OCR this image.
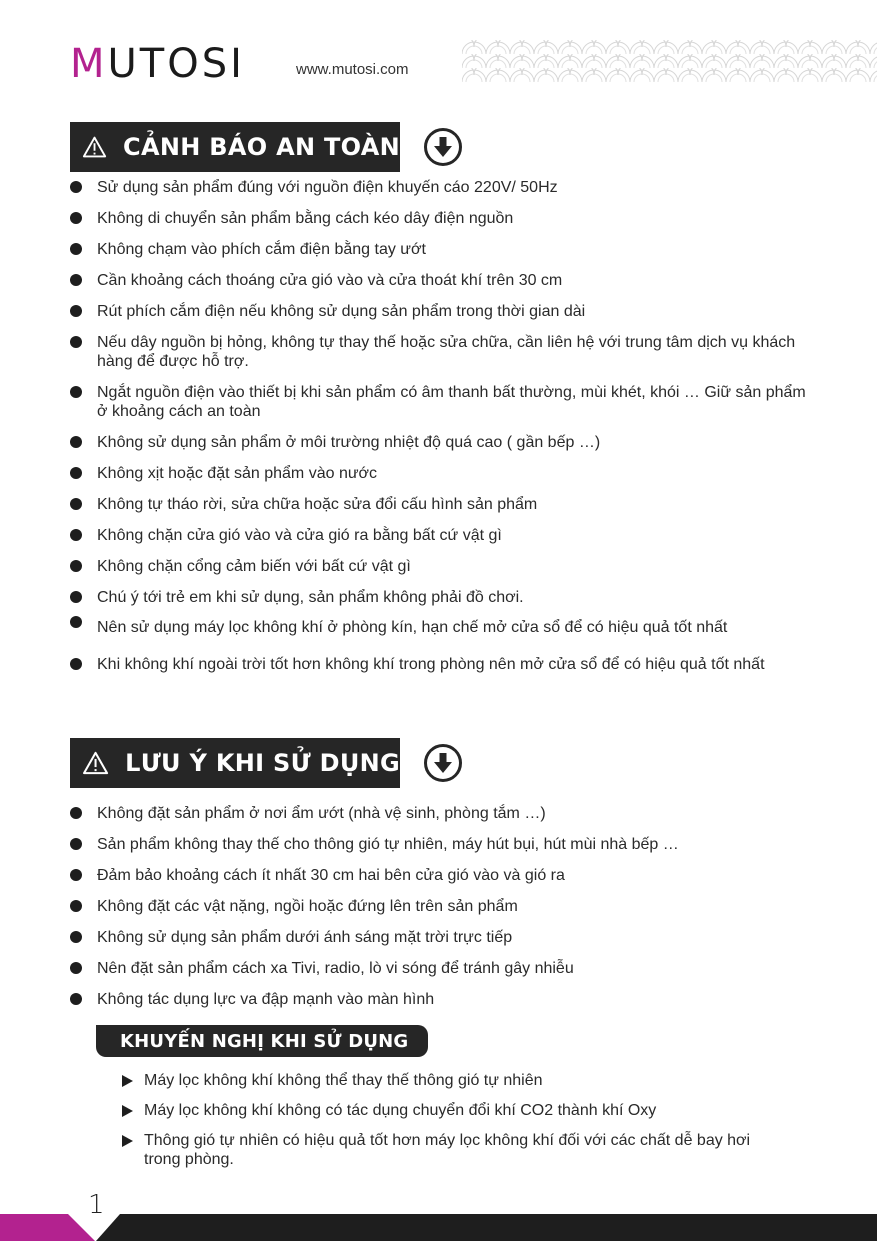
M UTOSI	www.mutosi.com
CẢNH BÁO AN TOÀN
Sử dụng sản phẩm đúng với nguồn điện khuyến cáo 220V/ 50Hz
Không di chuyển sản phẩm bằng cách kéo dây điện nguồn
Không chạm vào phích cắm điện bằng tay ướt
Cần khoảng cách thoáng cửa gió vào và cửa thoát khí trên 30 cm
Rút phích cắm điện nếu không sử dụng sản phẩm trong thời gian dài
Nếu dây nguồn bị hỏng, không tự thay thế hoặc sửa chữa, cần liên hệ với trung tâm dịch vụ khách hàng để được hỗ trợ.
Ngắt nguồn điện vào thiết bị khi sản phẩm có âm thanh bất thường, mùi khét, khói … Giữ sản phẩm ở khoảng cách an toàn
Không sử dụng sản phẩm ở môi trường nhiệt độ quá cao ( gần bếp …)
Không xịt hoặc đặt sản phẩm vào nước
Không tự tháo rời, sửa chữa hoặc sửa đổi cấu hình sản phẩm
Không chặn cửa gió vào và cửa gió ra bằng bất cứ vật gì
Không chặn cổng cảm biến với bất cứ vật gì
Chú ý tới trẻ em khi sử dụng, sản phẩm không phải đồ chơi.
Nên sử dụng máy lọc không khí ở phòng kín, hạn chế mở cửa sổ để có hiệu quả tốt nhất
Khi không khí ngoài trời tốt hơn không khí trong phòng nên mở cửa sổ để có hiệu quả tốt nhất
LƯU Ý KHI SỬ DỤNG
Không đặt sản phẩm ở nơi ẩm ướt (nhà vệ sinh, phòng tắm …)
Sản phẩm không thay thế cho thông gió tự nhiên, máy hút bụi, hút mùi nhà bếp …
Đảm bảo khoảng cách ít nhất 30 cm hai bên cửa gió vào và gió ra
Không đặt các vật nặng, ngồi hoặc đứng lên trên sản phẩm
Không sử dụng sản phẩm dưới ánh sáng mặt trời trực tiếp
Nên đặt sản phẩm cách xa Tivi, radio, lò vi sóng để tránh gây nhiễu
Không tác dụng lực va đập mạnh vào màn hình
KHUYẾN NGHỊ KHI SỬ DỤNG
Máy lọc không khí không thể thay thế thông gió tự nhiên
Máy lọc không khí không có tác dụng chuyển đổi khí CO2 thành khí Oxy
Thông gió tự nhiên có hiệu quả tốt hơn máy lọc không khí đối với các chất dễ bay hơi trong phòng.
1
